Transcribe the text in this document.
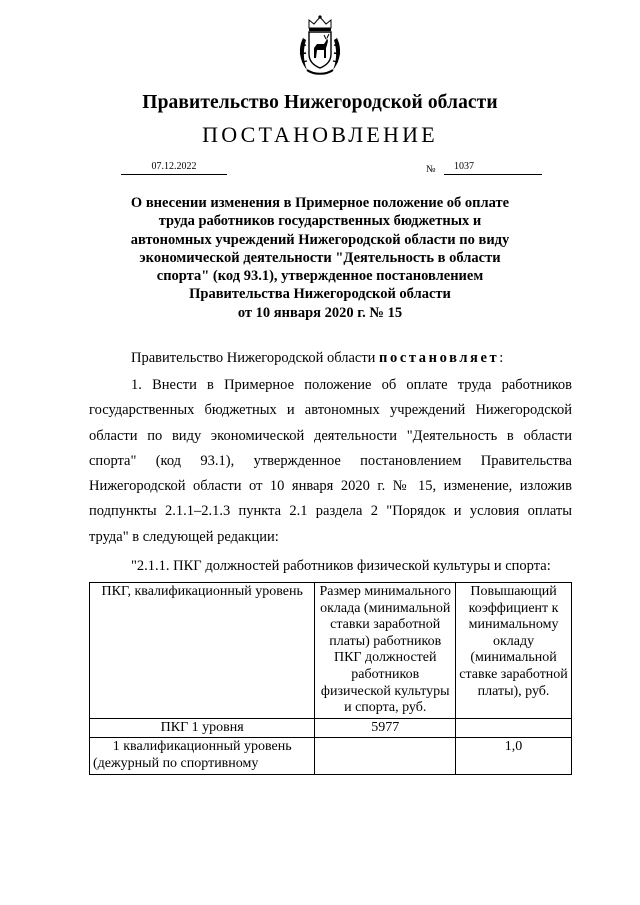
Правительство Нижегородской области
ПОСТАНОВЛЕНИЕ
07.12.2022	№	1037
О внесении изменения в Примерное положение об оплате
труда работников государственных бюджетных и
автономных учреждений Нижегородской области по виду
экономической деятельности "Деятельность в области
спорта" (код 93.1), утвержденное постановлением
Правительства Нижегородской области
от 10 января 2020 г. № 15
Правительство Нижегородской области постановляет:
1. Внести в Примерное положение об оплате труда работников
государственных бюджетных и автономных учреждений Нижегородской
области по виду экономической деятельности "Деятельность в области
спорта" (код 93.1), утвержденное постановлением Правительства
Нижегородской области от 10 января 2020 г. № 15, изменение, изложив
подпункты 2.1.1–2.1.3 пункта 2.1 раздела 2 "Порядок и условия оплаты
труда" в следующей редакции:
"2.1.1. ПКГ должностей работников физической культуры и спорта:
ПКГ, квалификационный уровень	Размер минимального оклада (минимальной ставки заработной платы) работников ПКГ должностей работников физической культуры и спорта, руб.	Повышающий коэффициент к минимальному окладу (минимальной ставке заработной платы), руб.
ПКГ 1 уровня	5977	
1 квалификационный уровень (дежурный по спортивному		1,0
